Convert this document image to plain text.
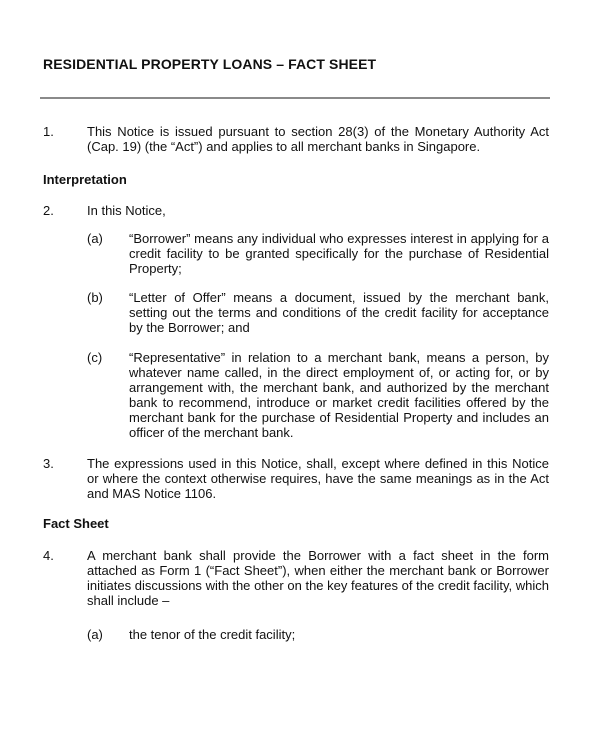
RESIDENTIAL PROPERTY LOANS – FACT SHEET
1.	This Notice is issued pursuant to section 28(3) of the Monetary Authority Act (Cap. 19) (the “Act”) and applies to all merchant banks in Singapore.
Interpretation
2.	In this Notice,
(a) “Borrower” means any individual who expresses interest in applying for a credit facility to be granted specifically for the purchase of Residential Property;
(b) “Letter of Offer” means a document, issued by the merchant bank, setting out the terms and conditions of the credit facility for acceptance by the Borrower; and
(c) “Representative” in relation to a merchant bank, means a person, by whatever name called, in the direct employment of, or acting for, or by arrangement with, the merchant bank, and authorized by the merchant bank to recommend, introduce or market credit facilities offered by the merchant bank for the purchase of Residential Property and includes an officer of the merchant bank.
3.	The expressions used in this Notice, shall, except where defined in this Notice or where the context otherwise requires, have the same meanings as in the Act and MAS Notice 1106.
Fact Sheet
4.	A merchant bank shall provide the Borrower with a fact sheet in the form attached as Form 1 (“Fact Sheet”), when either the merchant bank or Borrower initiates discussions with the other on the key features of the credit facility, which shall include –
(a) the tenor of the credit facility;
